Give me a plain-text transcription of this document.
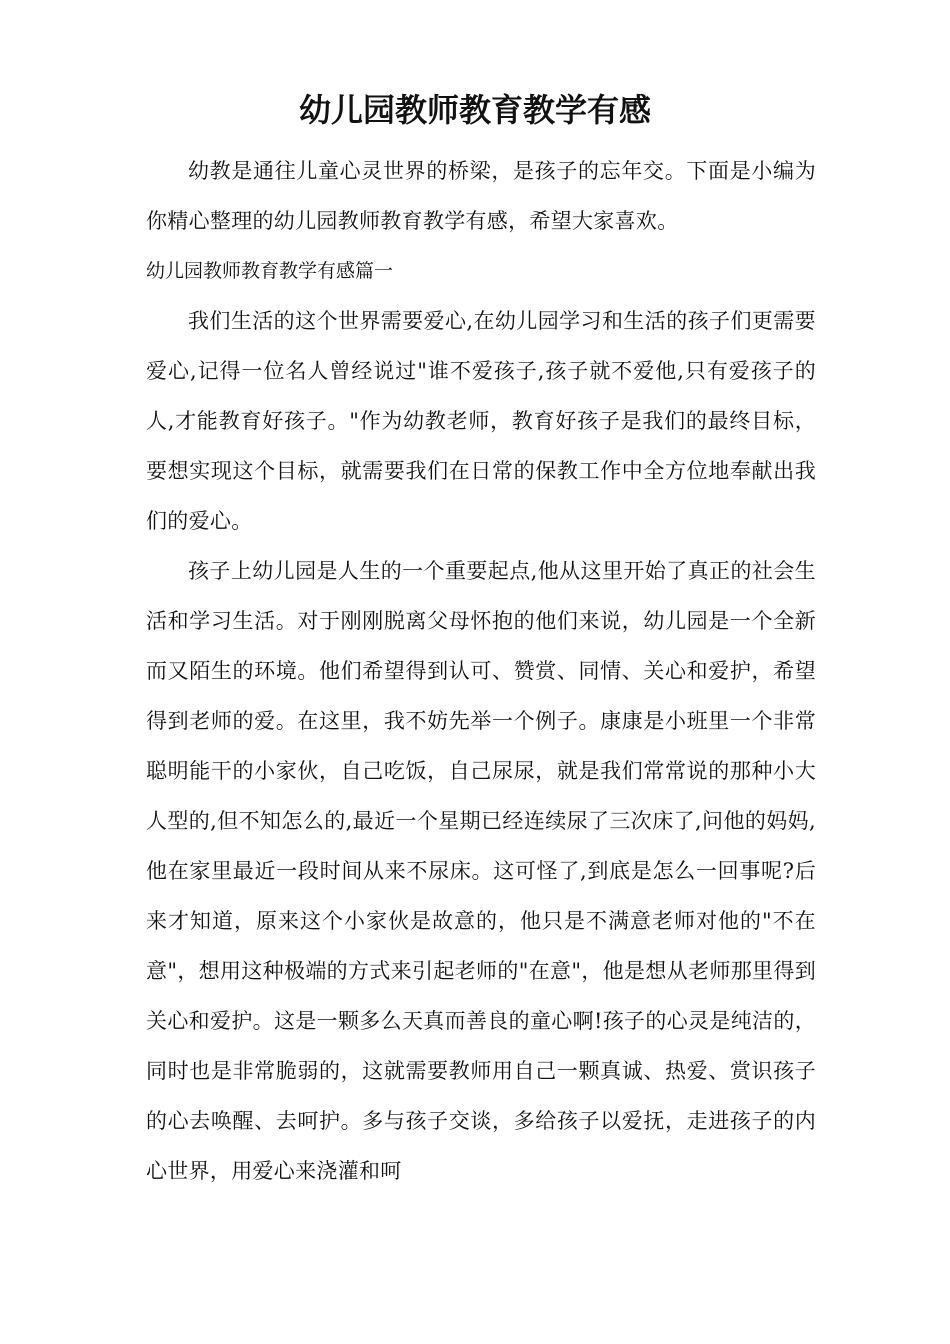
幼儿园教师教育教学有感

幼教是通往儿童心灵世界的桥梁，是孩子的忘年交。下面是小编为你精心整理的幼儿园教师教育教学有感，希望大家喜欢。

幼儿园教师教育教学有感篇一

我们生活的这个世界需要爱心,在幼儿园学习和生活的孩子们更需要爱心,记得一位名人曾经说过"谁不爱孩子,孩子就不爱他,只有爱孩子的人,才能教育好孩子。"作为幼教老师，教育好孩子是我们的最终目标，要想实现这个目标，就需要我们在日常的保教工作中全方位地奉献出我们的爱心。

孩子上幼儿园是人生的一个重要起点,他从这里开始了真正的社会生活和学习生活。对于刚刚脱离父母怀抱的他们来说，幼儿园是一个全新而又陌生的环境。他们希望得到认可、赞赏、同情、关心和爱护，希望得到老师的爱。在这里，我不妨先举一个例子。康康是小班里一个非常聪明能干的小家伙，自己吃饭，自己尿尿，就是我们常常说的那种小大人型的,但不知怎么的,最近一个星期已经连续尿了三次床了,问他的妈妈,他在家里最近一段时间从来不尿床。这可怪了,到底是怎么一回事呢?后来才知道，原来这个小家伙是故意的，他只是不满意老师对他的"不在意"，想用这种极端的方式来引起老师的"在意"，他是想从老师那里得到关心和爱护。这是一颗多么天真而善良的童心啊!孩子的心灵是纯洁的，同时也是非常脆弱的，这就需要教师用自己一颗真诚、热爱、赏识孩子的心去唤醒、去呵护。多与孩子交谈，多给孩子以爱抚，走进孩子的内心世界，用爱心来浇灌和呵
